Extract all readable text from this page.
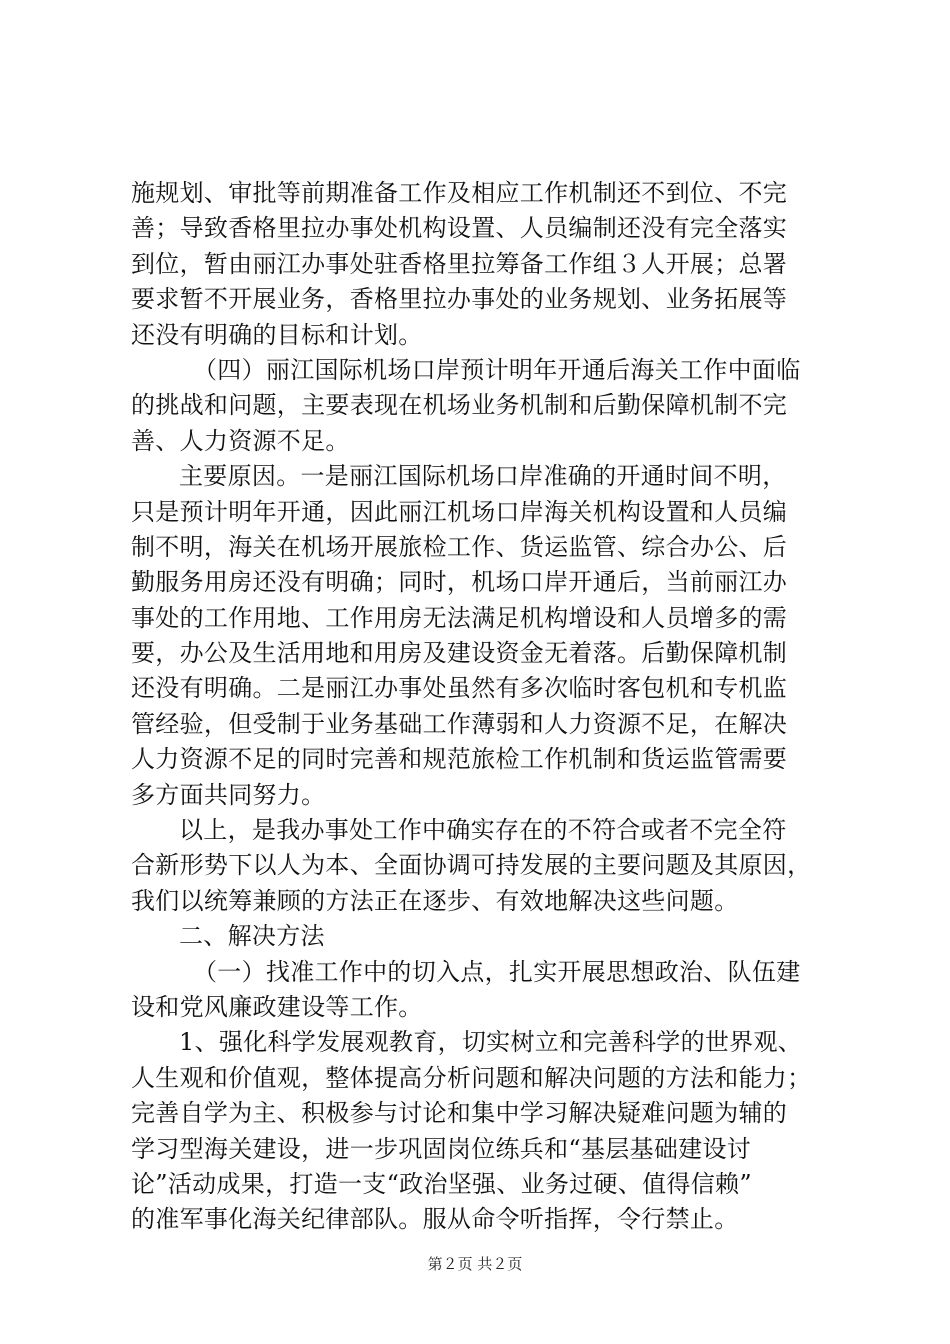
施规划、审批等前期准备工作及相应工作机制还不到位、不完
善；导致香格里拉办事处机构设置、人员编制还没有完全落实
到位，暂由丽江办事处驻香格里拉筹备工作组３人开展；总署
要求暂不开展业务，香格里拉办事处的业务规划、业务拓展等
还没有明确的目标和计划。
（四）丽江国际机场口岸预计明年开通后海关工作中面临
的挑战和问题，主要表现在机场业务机制和后勤保障机制不完
善、人力资源不足。
主要原因。一是丽江国际机场口岸准确的开通时间不明，
只是预计明年开通，因此丽江机场口岸海关机构设置和人员编
制不明，海关在机场开展旅检工作、货运监管、综合办公、后
勤服务用房还没有明确；同时，机场口岸开通后，当前丽江办
事处的工作用地、工作用房无法满足机构增设和人员增多的需
要，办公及生活用地和用房及建设资金无着落。后勤保障机制
还没有明确。二是丽江办事处虽然有多次临时客包机和专机监
管经验，但受制于业务基础工作薄弱和人力资源不足，在解决
人力资源不足的同时完善和规范旅检工作机制和货运监管需要
多方面共同努力。
以上，是我办事处工作中确实存在的不符合或者不完全符
合新形势下以人为本、全面协调可持发展的主要问题及其原因，
我们以统筹兼顾的方法正在逐步、有效地解决这些问题。
二、解决方法
（一）找准工作中的切入点，扎实开展思想政治、队伍建
设和党风廉政建设等工作。
1、强化科学发展观教育，切实树立和完善科学的世界观、
人生观和价值观，整体提高分析问题和解决问题的方法和能力；
完善自学为主、积极参与讨论和集中学习解决疑难问题为辅的
学习型海关建设，进一步巩固岗位练兵和“基层基础建设讨
论”活动成果，打造一支“政治坚强、业务过硬、值得信赖”
的准军事化海关纪律部队。服从命令听指挥，令行禁止。
第２页 共２页
